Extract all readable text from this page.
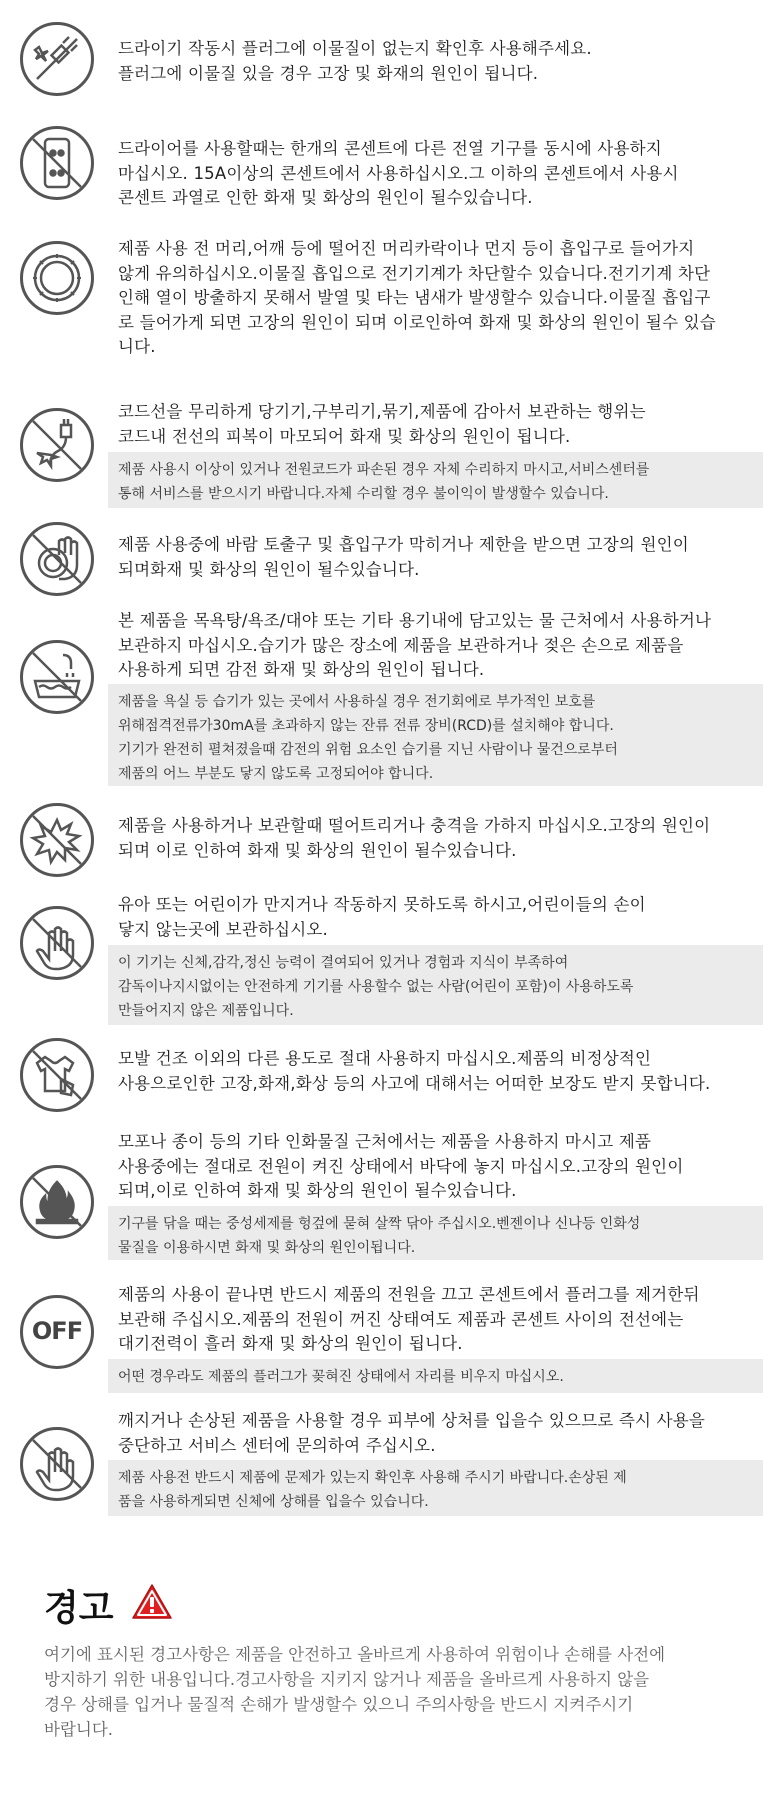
드라이기 작동시 플러그에 이물질이 없는지 확인후 사용해주세요.
플러그에 이물질 있을 경우 고장 및 화재의 원인이 됩니다.
드라이어를 사용할때는 한개의 콘센트에 다른 전열 기구를 동시에 사용하지
마십시오. 15A이상의 콘센트에서 사용하십시오.그 이하의 콘센트에서 사용시
콘센트 과열로 인한 화재 및 화상의 원인이 될수있습니다.
제품 사용 전 머리,어깨 등에 떨어진 머리카락이나 먼지 등이 흡입구로 들어가지
않게 유의하십시오.이물질 흡입으로 전기기계가 차단할수 있습니다.전기기계 차단
인해 열이 방출하지 못해서 발열 및 타는 냄새가 발생할수 있습니다.이물질 흡입구
로 들어가게 되면 고장의 원인이 되며 이로인하여 화재 및 화상의 원인이 될수 있습
니다.
코드선을 무리하게 당기기,구부리기,묶기,제품에 감아서 보관하는 행위는
코드내 전선의 피복이 마모되어 화재 및 화상의 원인이 됩니다.
제품 사용시 이상이 있거나 전원코드가 파손된 경우 자체 수리하지 마시고,서비스센터를
통해 서비스를 받으시기 바랍니다.자체 수리할 경우 불이익이 발생할수 있습니다.
제품 사용중에 바람 토출구 및 흡입구가 막히거나 제한을 받으면 고장의 원인이
되며화재 및 화상의 원인이 될수있습니다.
본 제품을 목욕탕/욕조/대야 또는 기타 용기내에 담고있는 물 근처에서 사용하거나
보관하지 마십시오.습기가 많은 장소에 제품을 보관하거나 젖은 손으로 제품을
사용하게 되면 감전 화재 및 화상의 원인이 됩니다.
제품을 욕실 등 습기가 있는 곳에서 사용하실 경우 전기회에로 부가적인 보호를
위해점격전류가30mA를 초과하지 않는 잔류 전류 장비(RCD)를 설치해야 합니다.
기기가 완전히 펼쳐졌을때 감전의 위험 요소인 습기를 지닌 사람이나 물건으로부터
제품의 어느 부분도 닿지 않도록 고정되어야 합니다.
제품을 사용하거나 보관할때 떨어트리거나 충격을 가하지 마십시오.고장의 원인이
되며 이로 인하여 화재 및 화상의 원인이 될수있습니다.
유아 또는 어린이가 만지거나 작동하지 못하도록 하시고,어린이들의 손이
닿지 않는곳에 보관하십시오.
이 기기는 신체,감각,정신 능력이 결여되어 있거나 경험과 지식이 부족하여
감독이나지시없이는 안전하게 기기를 사용할수 없는 사람(어린이 포함)이 사용하도록
만들어지지 않은 제품입니다.
모발 건조 이외의 다른 용도로 절대 사용하지 마십시오.제품의 비정상적인
사용으로인한 고장,화재,화상 등의 사고에 대해서는 어떠한 보장도 받지 못합니다.
모포나 종이 등의 기타 인화물질 근처에서는 제품을 사용하지 마시고 제품
사용중에는 절대로 전원이 켜진 상태에서 바닥에 놓지 마십시오.고장의 원인이
되며,이로 인하여 화재 및 화상의 원인이 될수있습니다.
기구를 닦을 때는 중성세제를 헝겊에 묻혀 살짝 닦아 주십시오.벤젠이나 신나등 인화성
물질을 이용하시면 화재 및 화상의 원인이됩니다.
OFF
제품의 사용이 끝나면 반드시 제품의 전원을 끄고 콘센트에서 플러그를 제거한뒤
보관해 주십시오.제품의 전원이 꺼진 상태여도 제품과 콘센트 사이의 전선에는
대기전력이 흘러 화재 및 화상의 원인이 됩니다.
어떤 경우라도 제품의 플러그가 꽂혀진 상태에서 자리를 비우지 마십시오.
깨지거나 손상된 제품을 사용할 경우 피부에 상처를 입을수 있으므로 즉시 사용을
중단하고 서비스 센터에 문의하여 주십시오.
제품 사용전 반드시 제품에 문제가 있는지 확인후 사용해 주시기 바랍니다.손상된 제
품을 사용하게되면 신체에 상해를 입을수 있습니다.
경고
여기에 표시된 경고사항은 제품을 안전하고 올바르게 사용하여 위험이나 손해를 사전에
방지하기 위한 내용입니다.경고사항을 지키지 않거나 제품을 올바르게 사용하지 않을
경우 상해를 입거나 물질적 손해가 발생할수 있으니 주의사항을 반드시 지켜주시기
바랍니다.
